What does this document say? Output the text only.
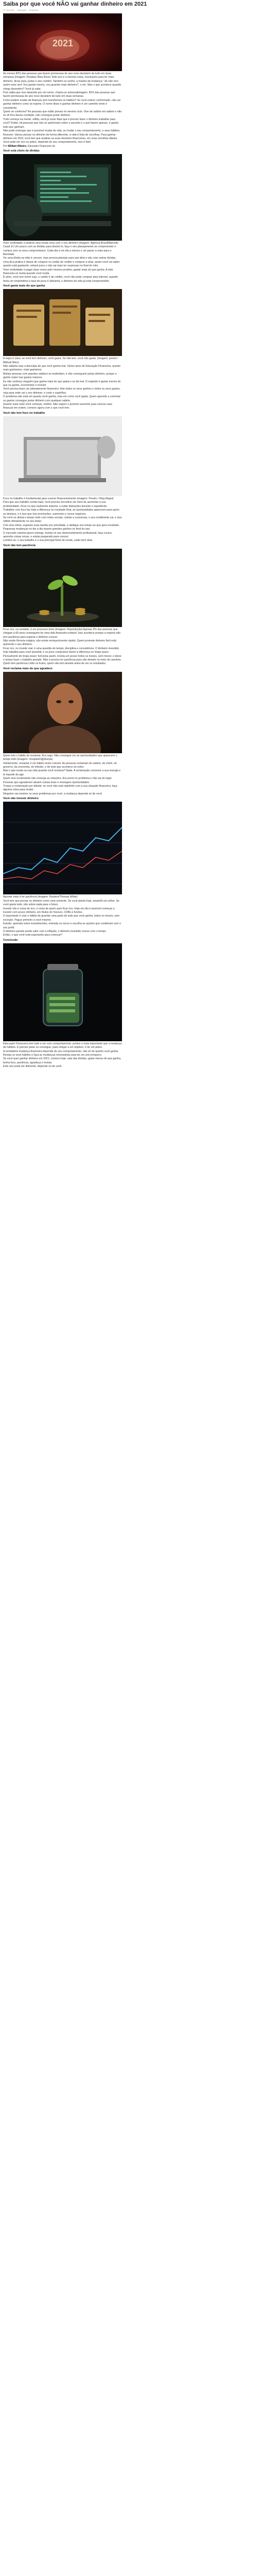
Saiba por que você NÃO vai ganhar dinheiro em 2021
27 Jan 2021 Educação Financeiro
2021

As menos 82% das pessoas que fazem promessas de ano novo desistem de tudo em duas semanas (imagem: Pixabay/ Bina Ross) Todo ano é a mesma coisa, resoluções para ter mais dinheiro, dicas para, juntar e ano contém. Também se sonha: a mantra da mudança: "ah não vivo assim esse ano! Vou gastar menos, vou guardar mais dinheiro!", e etc. Mas o que acontece quando chega dezembro? Você já sabe.

Pois saiba que isso depende por um nome, chama-se autossabotagem. 82% das pessoas que fazem promessas de ano novo desistem de tudo em duas semanas.

Como podem mudar de finanças sem transformar os hábitos? Se você estiver conformado, não vai ganhar dinheiro como se espera. O nome disso é ganhar dinheiro é um caminho lento e consistente.

Quem se conforma? As pessoas que estão presas no mesmo ciclo. Vive de salário em salário e não se vê fora dessa condição, não consegue juntar dinheiro.

Tudo começa na mente, reflita, você já ouviu falar que é preciso fazer o dinheiro trabalhar para você? Então, há pessoas que não se aprimoram sobre o assunto e o que fazem apenas, é gastar tudo que ganham.

Não pode enxergar que é possível mudar de vida, se mudar o seu comportamento, e seus hábitos.

Resumo: Vamos pensar no dinheiro de forma diferente, a vida é feita de escolhas. Para ganhar dinheiro em 2021 você tem que analisar as suas decisões financeiras, em suas escolhas diárias.

Você pode ser rico ou pobre, depende do seu comportamento, isso é fato!

Por William Ribeiro, Educador Financeiro do
Você está cheio de dívidas

Viver endividado e praticar uma renda nova com o seu dinheiro (imagem: Agência Brasil/Marcello Casal Jr) Um pouco com as dívidas para destrui-lo, faça o seu planejamento se comprometer e cumpra com os seus compromissos. Cada dia é um dia a menos e um passo a mais para a liberdade.

Ter uma dívida na vida é comum, mas precisa planejar para sair dela e não criar outras dívidas.

Uma dica prática é deixar de comprar no cartão de crédito e comprar à vista, assim você vai saber quanto está gastando, evitará juros e não vai mais ter surpresas no final do mês.

Viver endividado é pagar duas vezes pelo mesmo produto, gastar mais do que ganha. A vida financeira só muda quando você muda.

É sério, você tem nome sujo, o cartão é de crédito, você não pode comprar pela internet, quando tenta um empréstimo a taxa de juros é altíssima, o dinheiro do mês já está comprometido.

Você gasta mais do que ganha

A regra é clara: se você tem dinheiro, você gasta. Se não tem, você não gasta. (imagem: pexels / Mikhail Nilov)

Não adianta usar a desculpa de que você ganha mal. Vários anos de Educação Financeira, quanto mais ganhamos, mais gastamos.

Muitas pessoas com grandes salários se endividam, e não conseguem juntar dinheiro, porque o ganho maior traz gastos maiores.

Eu não conheço ninguém que ganha mais do que gasta e se dá mal. O segredo é gastar menos do que se ganha, economizar e investir.

Você precisa fazer um planejamento financeiro: liste todos os seus ganhos e todos os seus gastos, veja para onde vai o seu dinheiro, e corte o supérfluo.

O problema não está em quanto você ganha, mas em como você gasta. Quem aprende a controlar os gastos consegue juntar dinheiro com qualquer salário.

Quanto mais cedo você começar, melhor. Não espere o próximo aumento para colocar suas finanças em ordem, comece agora com o que você tem.

Você não tem foco no trabalho

Foco no trabalho é fundamental para crescer financeiramente (imagem: Pexels / Oleg Magni)

Para que seu trabalho renda mais, você precisa encontrar um meio de aumentar a sua produtividade, focar no que realmente importa, e evitar distrações durante o expediente.

Trabalhar com foco faz toda a diferença no resultado final, as oportunidades aparecem para quem se destaca, e é isso que traz promoções, aumentos e novos negócios.

Se você se distrai o tempo todo com redes sociais, celular e conversas, o seu rendimento cai, e isso reflete diretamente no seu bolso.

Crie uma rotina, organize suas tarefas por prioridade, e dedique seu tempo ao que gera resultado. Pequenas mudanças no dia a dia trazem grandes ganhos no final do ano.

O mercado valoriza quem entrega. Invista no seu desenvolvimento profissional, faça cursos, aprenda coisas novas, e esteja preparado para crescer.

Lembre-se: o seu trabalho é a sua principal fonte de renda, cuide bem dela.

Você não tem paciência

Ficar rico, na verdade, é um processo lento (imagem: Reprodução) Apenas 5% das pessoas que chegam a 60 anos conseguem ter uma vida financeira estável. Isso acontece porque a maioria não tem paciência para esperar o dinheiro crescer.

Não existe fórmula mágica, não existe enriquecimento rápido. Quem promete dinheiro fácil está querendo o seu dinheiro.

Ficar rico, no mundo real, é uma questão de tempo, disciplina e consistência. O dinheiro investido hoje trabalha para você amanhã, e os juros compostos fazem a diferença no longo prazo.

Pensamento de longo prazo: funciona assim, invista um pouco todos os meses, sem mexer, e deixe o tempo fazer o trabalho pesado. Mas é preciso ter paciência para não desistir no meio do caminho.

Quem tem paciência colhe os frutos, quem não tem desiste antes de ver os resultados.

Você reclama mais do que agradece

Quem tem o hábito de reclamar, fica cego. Não consegue ver as oportunidades que aparecem o tempo todo (imagem: Unsplash/@jrkorpa)

Infelizmente, reclamar é um hábito muito comum. As pessoas reclamam do salário, do chefe, do governo, da economia, do trânsito, e de tudo que acontece ao redor.

Mas o que muda na sua vida quando você reclama? Nada. A reclamação consome a sua energia e te impede de agir.

Quem vive reclamando não enxerga as soluções, fica preso no problema e não sai do lugar. Pessoas que agradecem atraem coisas boas e enxergam oportunidades.

Troque a reclamação por atitude: se você não está satisfeito com a sua situação financeira, faça alguma coisa para mudar.

Ninguém vai resolver os seus problemas por você, a mudança depende só de você.

Você não investe dinheiro

Apostar mais é ter paciência (imagem: Reuters/Thomas White)

Você tem que pensar no dinheiro como uma semente. Se você planta hoje, amanhã vai colher. Se você gasta tudo, não sobra nada para o futuro.

Investir não é coisa de rico, é coisa de quem quer ficar rico. Hoje em dia é possível começar a investir com pouco dinheiro, em títulos do Tesouro, CDBs e fundos.

O importante é criar o hábito de guardar uma parte de tudo que você ganha, todos os meses, sem exceção. Pague primeiro a você mesmo.

Estude, aprenda sobre investimentos, entenda os riscos e escolha as opções que combinam com o seu perfil.

O dinheiro parado perde valor com a inflação, o dinheiro investido cresce com o tempo.

Então, o que você está esperando para começar?

Conclusão

Educação Financeira tem tudo a ver com comportamento, pontos e mais importante que a mudança de hábitos. É preciso parar ou consegue, para chegar a um objetivo, é ter um plano.

A verdadeira mudança financeira depende do seu comportamento, não só do quanto você ganha. Reveja os seus hábitos e faça as mudanças necessárias para ter um ano próspero.

Se você quer ganhar dinheiro em 2021, comece hoje: saia das dívidas, gaste menos do que ganha, tenha foco, paciência, agradeça e invista.

Este ano pode ser diferente, depende só de você.
